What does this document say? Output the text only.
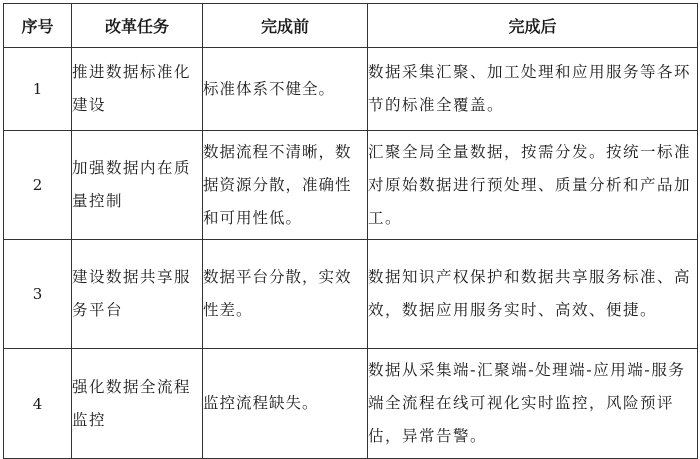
序号	改革任务	完成前	完成后
1	推进数据标准化建设	标准体系不健全。	数据采集汇聚、加工处理和应用服务等各环节的标准全覆盖。
2	加强数据内在质量控制	数据流程不清晰，数据资源分散，准确性和可用性低。	汇聚全局全量数据，按需分发。按统一标准对原始数据进行预处理、质量分析和产品加工。
3	建设数据共享服务平台	数据平台分散，实效性差。	数据知识产权保护和数据共享服务标准、高效，数据应用服务实时、高效、便捷。
4	强化数据全流程监控	监控流程缺失。	数据从采集端-汇聚端-处理端-应用端-服务端全流程在线可视化实时监控，风险预评估，异常告警。
